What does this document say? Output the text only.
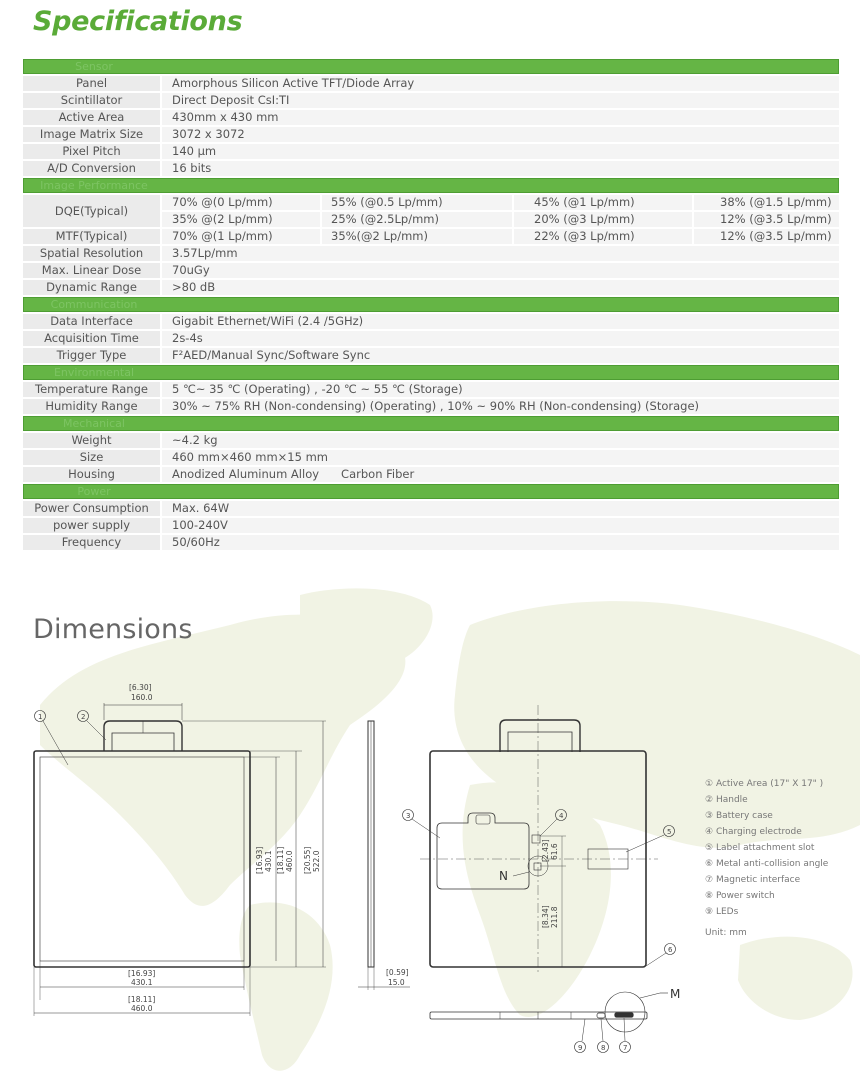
Specifications
Sensor
Panel	Amorphous Silicon Active TFT/Diode Array
Scintillator	Direct Deposit CsI:TI
Active Area	430mm x 430 mm
Image Matrix Size	3072 x 3072
Pixel Pitch	140 μm
A/D Conversion	16 bits
Image Performance
DQE(Typical)
70% @(0 Lp/mm)	55% (@0.5 Lp/mm)	45% (@1 Lp/mm)	38% (@1.5 Lp/mm)
35% @(2 Lp/mm)	25% (@2.5Lp/mm)	20% (@3 Lp/mm)	12% (@3.5 Lp/mm)
MTF(Typical)	70% @(1 Lp/mm)	35%(@2 Lp/mm)	22% (@3 Lp/mm)	12% (@3.5 Lp/mm)
Spatial Resolution	3.57Lp/mm
Max. Linear Dose	70uGy
Dynamic Range	>80 dB
Communication
Data Interface	Gigabit Ethernet/WiFi (2.4 /5GHz)
Acquisition Time	2s-4s
Trigger Type	F²AED/Manual Sync/Software Sync
Environmental
Temperature Range	5 ℃~ 35 ℃ (Operating) , -20 ℃ ~ 55 ℃ (Storage)
Humidity Range	30% ~ 75% RH (Non-condensing) (Operating) , 10% ~ 90% RH (Non-condensing) (Storage)
Mechanical
Weight	~4.2 kg
Size	460 mm×460 mm×15 mm
Housing	Anodized Aluminum Alloy Carbon Fiber
Power
Power Consumption	Max. 64W
power supply	100-240V
Frequency	50/60Hz
Dimensions
[6.30]
160.0
[16.93] 430.1 [18.11] 460.0 [20.55] 522.0
[16.93]
430.1
[18.11]
460.0
[0.59]
15.0
[2.43] 61.6
[8.34] 211.8
N
M
1	2
3	4
5
6
7
8
9
① Active Area (17" X 17" )
② Handle
③ Battery case
④ Charging electrode
⑤ Label attachment slot
⑥ Metal anti-collision angle
⑦ Magnetic interface
⑧ Power switch
⑨ LEDs
Unit: mm
